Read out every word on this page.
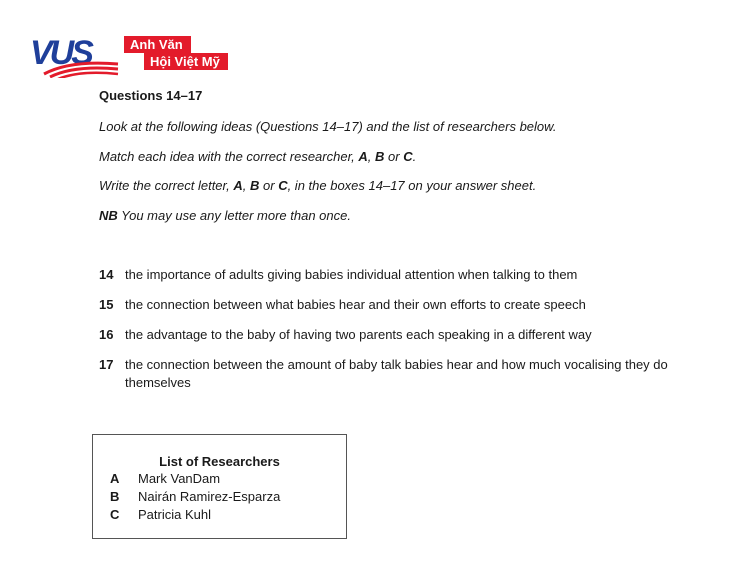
VUS	Anh Văn
Hội Việt Mỹ
Questions 14–17
Look at the following ideas (Questions 14–17) and the list of researchers below.
Match each idea with the correct researcher, A, B or C.
Write the correct letter, A, B or C, in the boxes 14–17 on your answer sheet.
NB You may use any letter more than once.
14 the importance of adults giving babies individual attention when talking to them
15 the connection between what babies hear and their own efforts to create speech
16 the advantage to the baby of having two parents each speaking in a different way
17 the connection between the amount of baby talk babies hear and how much vocalising they do themselves
List of Researchers
A Mark VanDam
B Nairán Ramirez-Esparza
C Patricia Kuhl
